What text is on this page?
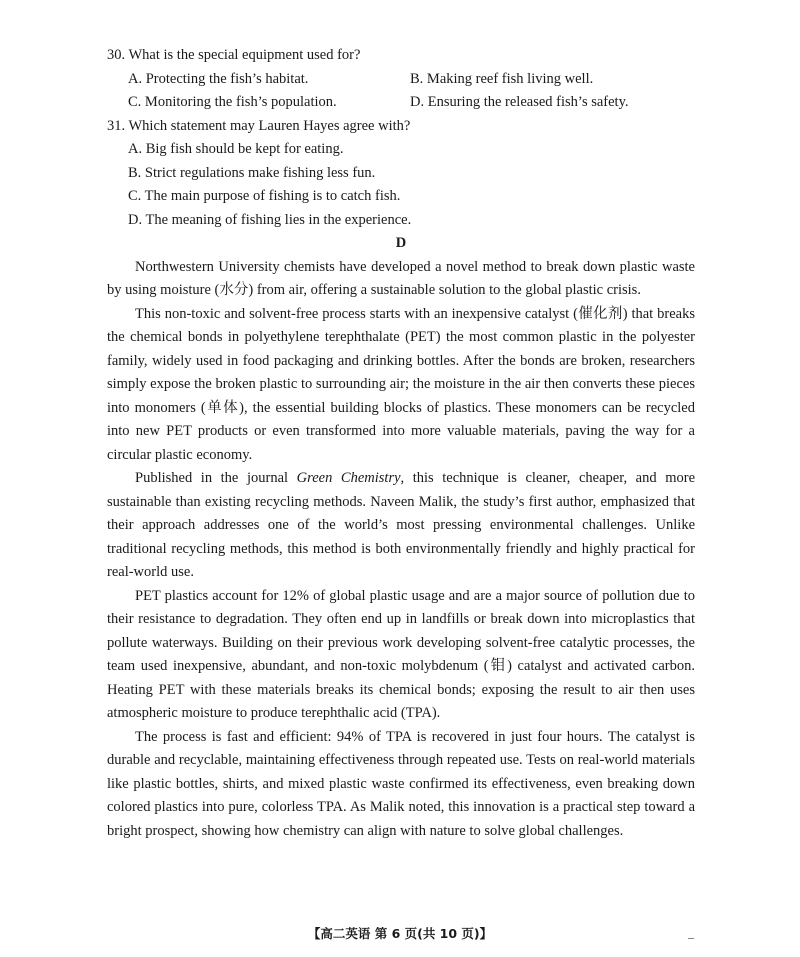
30. What is the special equipment used for?

A. Protecting the fish’s habitat.	B. Making reef fish living well.
C. Monitoring the fish’s population.	D. Ensuring the released fish’s safety.

31. Which statement may Lauren Hayes agree with?

A. Big fish should be kept for eating.

B. Strict regulations make fishing less fun.

C. The main purpose of fishing is to catch fish.

D. The meaning of fishing lies in the experience.

D

Northwestern University chemists have developed a novel method to break down plastic waste by using moisture (水分) from air, offering a sustainable solution to the global plastic crisis.

This non-toxic and solvent-free process starts with an inexpensive catalyst (催化剂) that breaks the chemical bonds in polyethylene terephthalate (PET) the most common plastic in the polyester family, widely used in food packaging and drinking bottles. After the bonds are broken, researchers simply expose the broken plastic to surrounding air; the moisture in the air then converts these pieces into monomers (单体), the essential building blocks of plastics. These monomers can be recycled into new PET products or even transformed into more valuable materials, paving the way for a circular plastic economy.

Published in the journal Green Chemistry, this technique is cleaner, cheaper, and more sustainable than existing recycling methods. Naveen Malik, the study’s first author, emphasized that their approach addresses one of the world’s most pressing environmental challenges. Unlike traditional recycling methods, this method is both environmentally friendly and highly practical for real-world use.

PET plastics account for 12% of global plastic usage and are a major source of pollution due to their resistance to degradation. They often end up in landfills or break down into microplastics that pollute waterways. Building on their previous work developing solvent-free catalytic processes, the team used inexpensive, abundant, and non-toxic molybdenum (钼) catalyst and activated carbon. Heating PET with these materials breaks its chemical bonds; exposing the result to air then uses atmospheric moisture to produce terephthalic acid (TPA).

The process is fast and efficient: 94% of TPA is recovered in just four hours. The catalyst is durable and recyclable, maintaining effectiveness through repeated use. Tests on real-world materials like plastic bottles, shirts, and mixed plastic waste confirmed its effectiveness, even breaking down colored plastics into pure, colorless TPA. As Malik noted, this innovation is a practical step toward a bright prospect, showing how chemistry can align with nature to solve global challenges.

【高二英语 第 6 页(共 10 页)】	–
